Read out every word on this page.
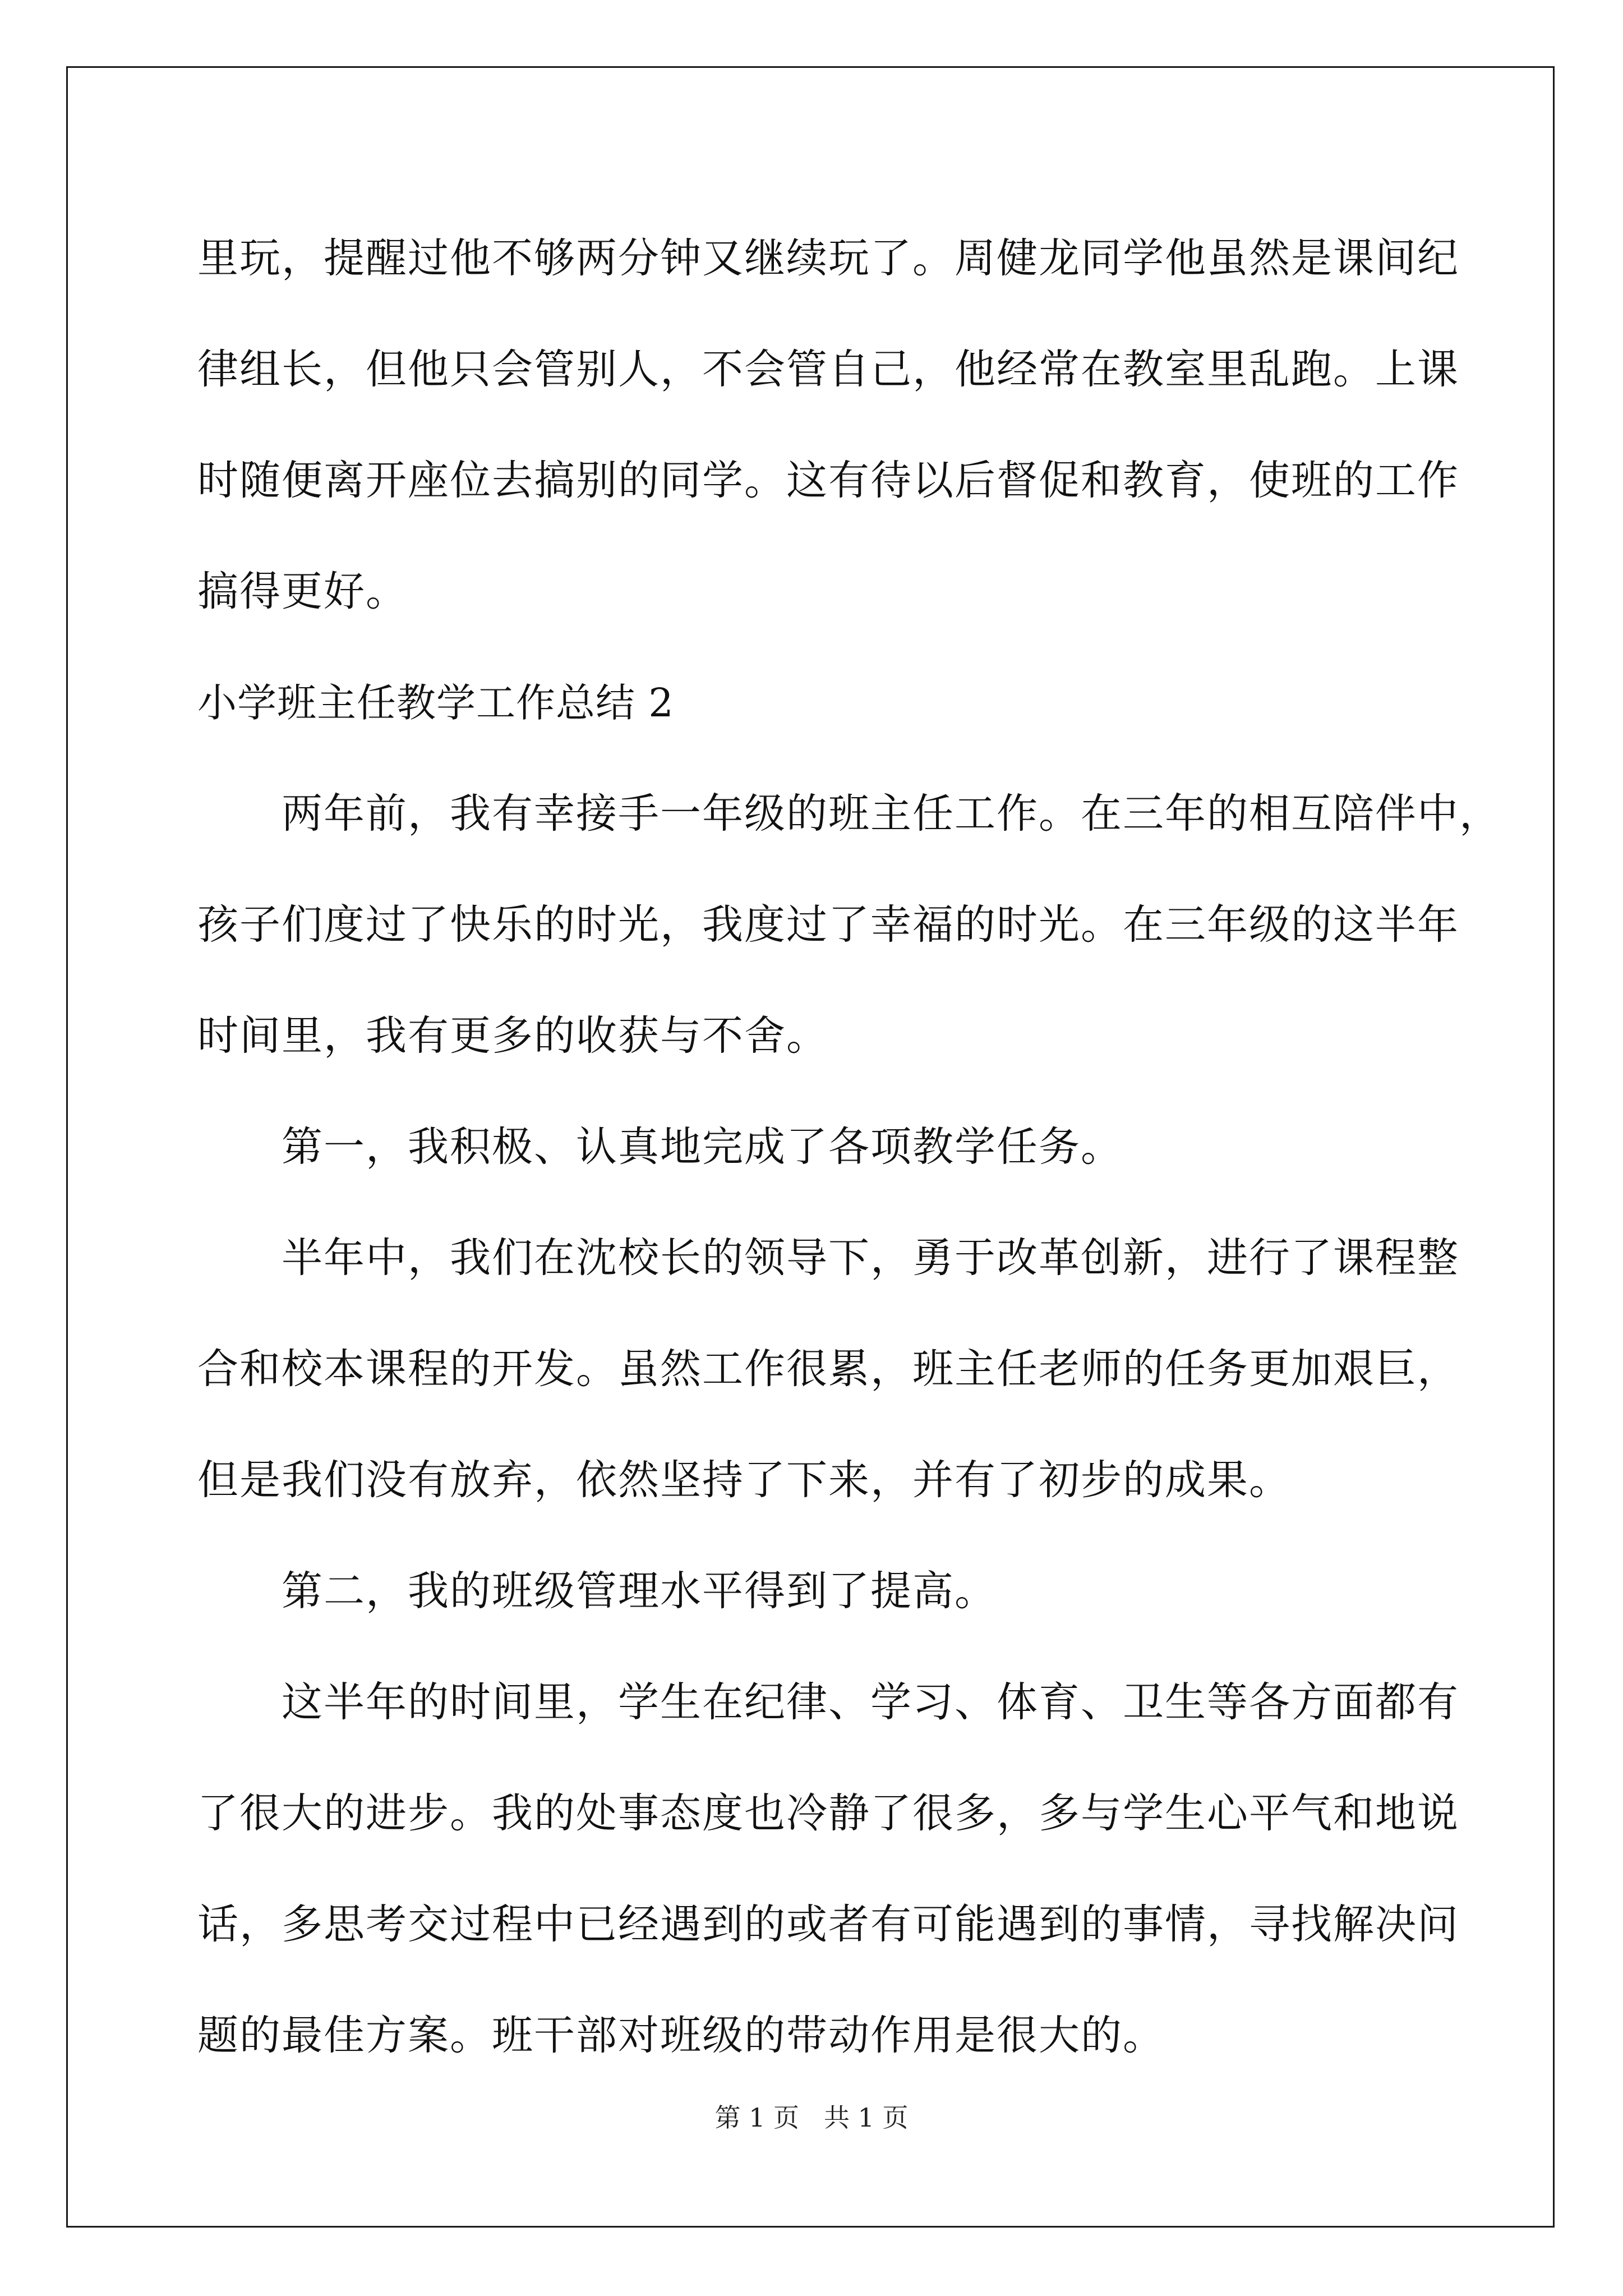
里玩，提醒过他不够两分钟又继续玩了。周健龙同学他虽然是课间纪
律组长，但他只会管别人，不会管自己，他经常在教室里乱跑。上课
时随便离开座位去搞别的同学。这有待以后督促和教育，使班的工作
搞得更好。
小学班主任教学工作总结 2
两年前，我有幸接手一年级的班主任工作。在三年的相互陪伴中，
孩子们度过了快乐的时光，我度过了幸福的时光。在三年级的这半年
时间里，我有更多的收获与不舍。
第一，我积极、认真地完成了各项教学任务。
半年中，我们在沈校长的领导下，勇于改革创新，进行了课程整
合和校本课程的开发。虽然工作很累，班主任老师的任务更加艰巨，
但是我们没有放弃，依然坚持了下来，并有了初步的成果。
第二，我的班级管理水平得到了提高。
这半年的时间里，学生在纪律、学习、体育、卫生等各方面都有
了很大的进步。我的处事态度也冷静了很多，多与学生心平气和地说
话，多思考交过程中已经遇到的或者有可能遇到的事情，寻找解决问
题的最佳方案。班干部对班级的带动作用是很大的。
第 1 页 共 1 页
